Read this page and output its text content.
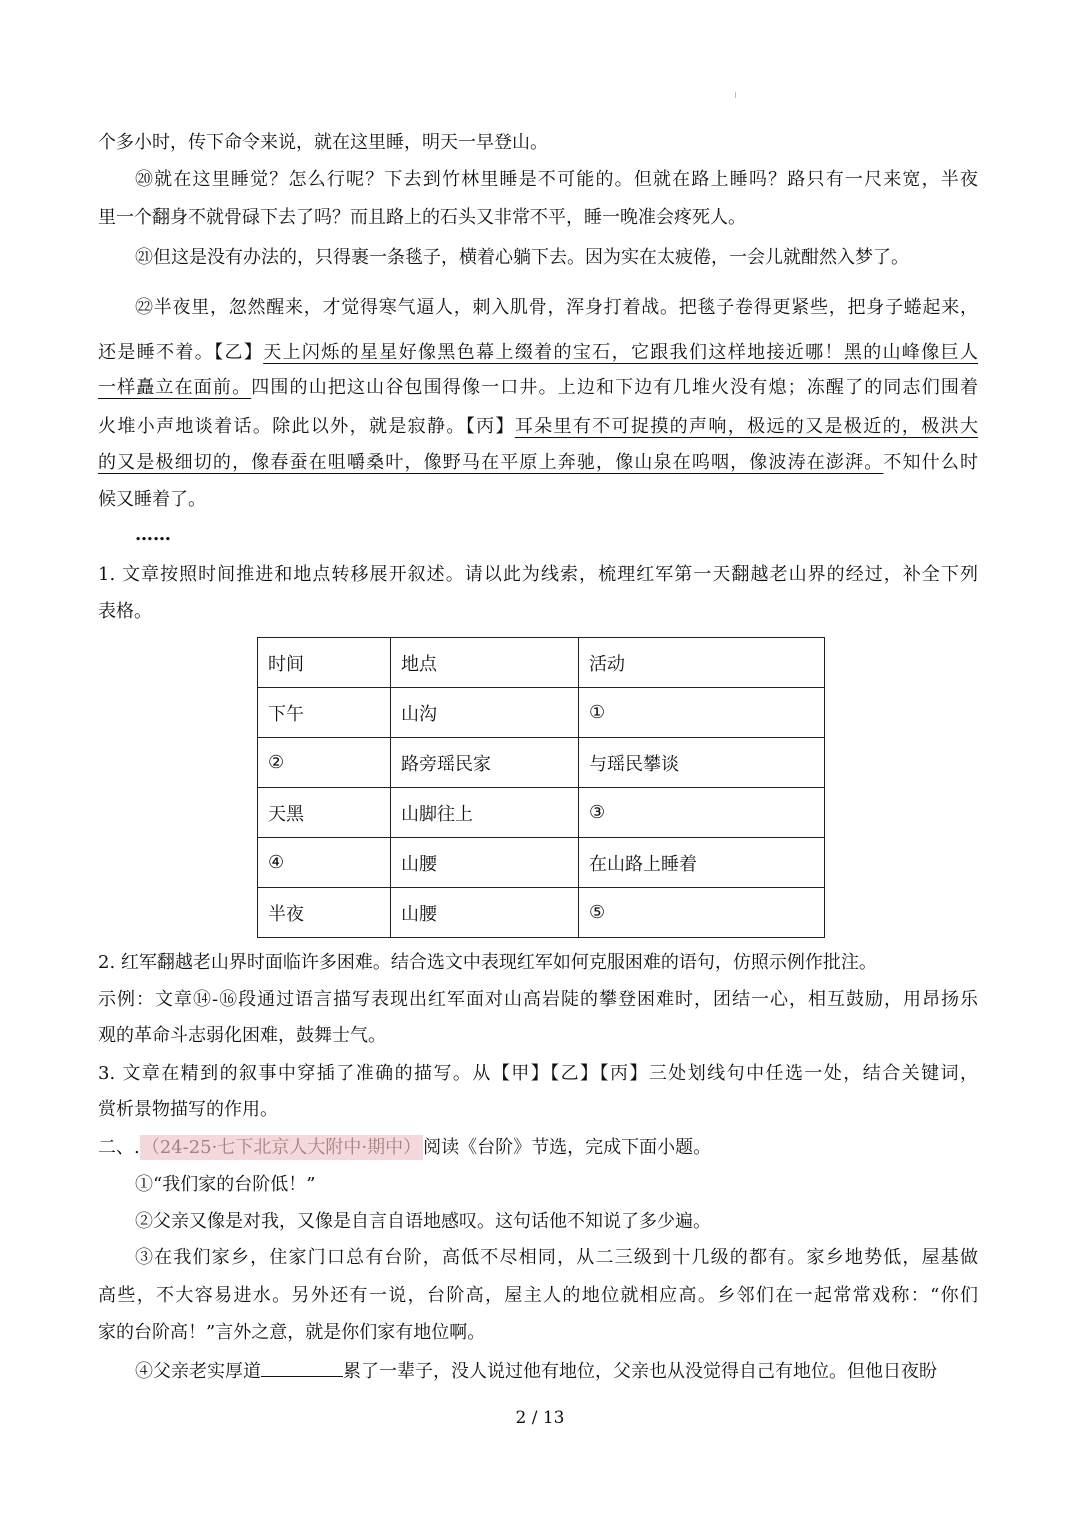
个多小时，传下命令来说，就在这里睡，明天一早登山。
⑳就在这里睡觉？怎么行呢？下去到竹林里睡是不可能的。但就在路上睡吗？路只有一尺来宽，半夜
里一个翻身不就骨碌下去了吗？而且路上的石头又非常不平，睡一晚准会疼死人。
㉑但这是没有办法的，只得裹一条毯子，横着心躺下去。因为实在太疲倦，一会儿就酣然入梦了。
㉒半夜里，忽然醒来，才觉得寒气逼人，刺入肌骨，浑身打着战。把毯子卷得更紧些，把身子蜷起来，
还是睡不着。【乙】天上闪烁的星星好像黑色幕上缀着的宝石，它跟我们这样地接近哪！黑的山峰像巨人
一样矗立在面前。四围的山把这山谷包围得像一口井。上边和下边有几堆火没有熄；冻醒了的同志们围着
火堆小声地谈着话。除此以外，就是寂静。【丙】耳朵里有不可捉摸的声响，极远的又是极近的，极洪大
的又是极细切的，像春蚕在咀嚼桑叶，像野马在平原上奔驰，像山泉在呜咽，像波涛在澎湃。不知什么时
候又睡着了。
……
1. 文章按照时间推进和地点转移展开叙述。请以此为线索，梳理红军第一天翻越老山界的经过，补全下列
表格。
时间	地点	活动
下午	山沟	①
②	路旁瑶民家	与瑶民攀谈
天黑	山脚往上	③
④	山腰	在山路上睡着
半夜	山腰	⑤
2. 红军翻越老山界时面临许多困难。结合选文中表现红军如何克服困难的语句，仿照示例作批注。
示例：文章⑭-⑯段通过语言描写表现出红军面对山高岩陡的攀登困难时，团结一心，相互鼓励，用昂扬乐
观的革命斗志弱化困难，鼓舞士气。
3. 文章在精到的叙事中穿插了准确的描写。从【甲】【乙】【丙】三处划线句中任选一处，结合关键词，
赏析景物描写的作用。
二、. （24-25·七下北京人大附中·期中） 阅读《台阶》节选，完成下面小题。
①“我们家的台阶低！”
②父亲又像是对我，又像是自言自语地感叹。这句话他不知说了多少遍。
③在我们家乡，住家门口总有台阶，高低不尽相同，从二三级到十几级的都有。家乡地势低，屋基做
高些，不大容易进水。另外还有一说，台阶高，屋主人的地位就相应高。乡邻们在一起常常戏称：“你们
家的台阶高！”言外之意，就是你们家有地位啊。
④父亲老实厚道	累了一辈子，没人说过他有地位，父亲也从没觉得自己有地位。但他日夜盼
2 / 13
